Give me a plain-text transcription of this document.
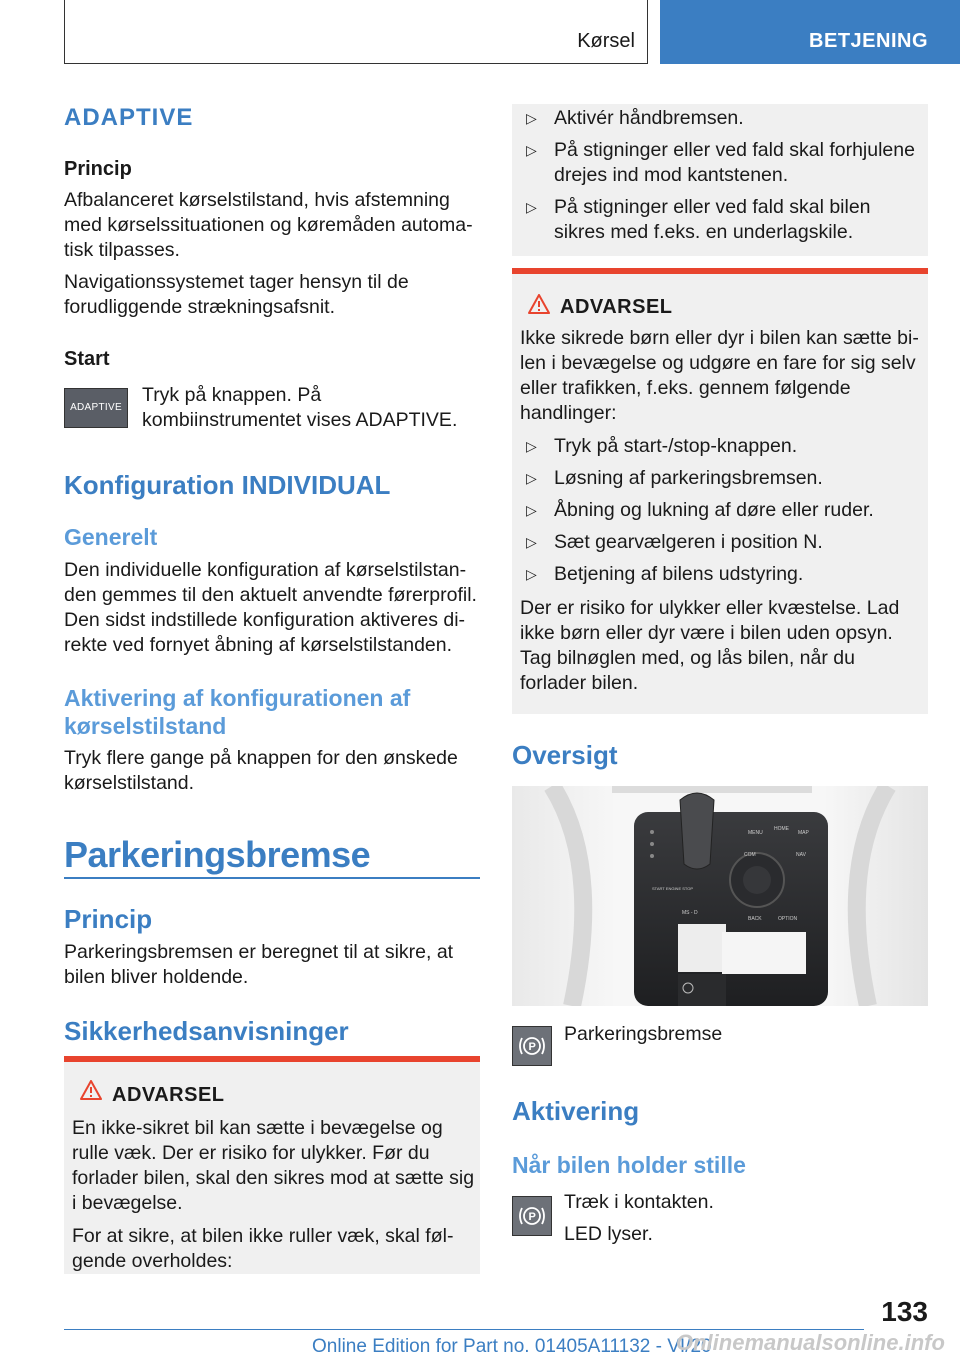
Kørsel	BETJENING
ADAPTIVE
Princip
Afbalanceret kørselstilstand, hvis afstemning med kørselssituationen og køremåden automatisk tilpasses.
Navigationssystemet tager hensyn til de forudliggende strækningsafsnit.
Start
ADAPTIVE
Tryk på knappen. På kombiinstrumentet vises ADAPTIVE.
Konfiguration INDIVIDUAL
Generelt
Den individuelle konfiguration af kørselstilstanden gemmes til den aktuelt anvendte førerprofil. Den sidst indstillede konfiguration aktiveres direkte ved fornyet åbning af kørselstilstanden.
Aktivering af konfigurationen af kørselstilstand
Tryk flere gange på knappen for den ønskede kørselstilstand.
Parkeringsbremse
Princip
Parkeringsbremsen er beregnet til at sikre, at bilen bliver holdende.
Sikkerhedsanvisninger
ADVARSEL
En ikke-sikret bil kan sætte i bevægelse og rulle væk. Der er risiko for ulykker. Før du forlader bilen, skal den sikres mod at sætte sig i bevægelse.
For at sikre, at bilen ikke ruller væk, skal følgende overholdes:
▷ Aktivér håndbremsen.
▷ På stigninger eller ved fald skal forhjulene drejes ind mod kantstenen.
▷ På stigninger eller ved fald skal bilen sikres med f.eks. en underlagskile.
ADVARSEL
Ikke sikrede børn eller dyr i bilen kan sætte bilen i bevægelse og udgøre en fare for sig selv eller trafikken, f.eks. gennem følgende handlinger:
▷ Tryk på start-/stop-knappen.
▷ Løsning af parkeringsbremsen.
▷ Åbning og lukning af døre eller ruder.
▷ Sæt gearvælgeren i position N.
▷ Betjening af bilens udstyring.
Der er risiko for ulykker eller kvæstelse. Lad ikke børn eller dyr være i bilen uden opsyn. Tag bilnøglen med, og lås bilen, når du forlader bilen.
Oversigt
MENU
HOME
MAP
COM	NAV
BACK	OPTION
START ENGINE STOP
MS - D
P
Parkeringsbremse
Aktivering
Når bilen holder stille
P
Træk i kontakten.
LED lyser.
133
Online Edition for Part no. 01405A11132 - VI/20
Onlinemanualsonline.info
